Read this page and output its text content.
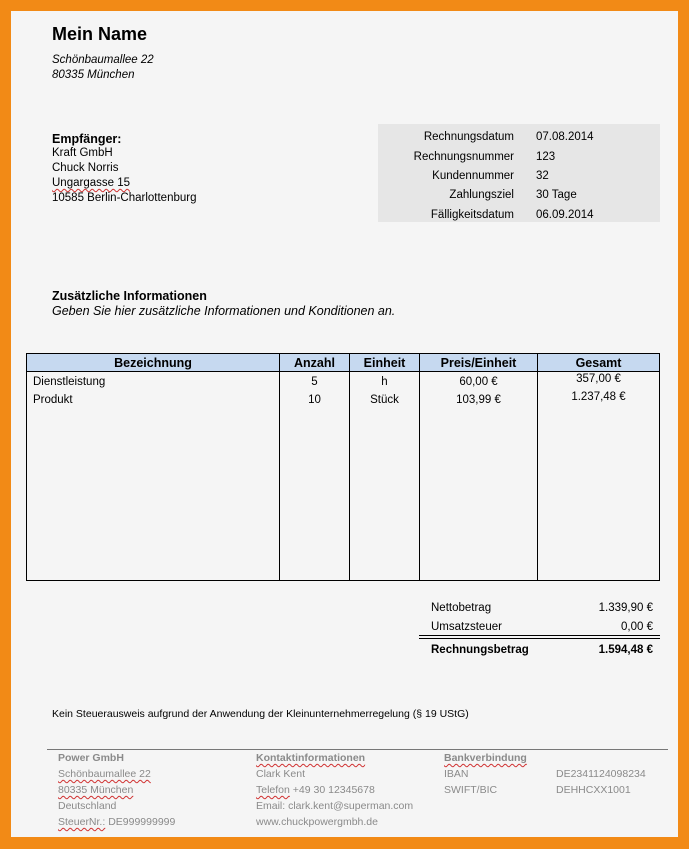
Mein Name
Schönbaumallee 22
80335 München
Empfänger:
Kraft GmbH
Chuck Norris
Ungargasse 15
10585 Berlin-Charlottenburg
Rechnungsdatum 07.08.2014
Rechnungsnummer 123
Kundennummer 32
Zahlungsziel 30 Tage
Fälligkeitsdatum 06.09.2014
Zusätzliche Informationen
Geben Sie hier zusätzliche Informationen und Konditionen an.
Bezeichnung	Anzahl	Einheit	Preis/Einheit	Gesamt
Dienstleistung	5	h	60,00 €	357,00 €
Produkt	10	Stück	103,99 €	1.237,48 €
Nettobetrag	1.339,90 €
Umsatzsteuer	0,00 €
Rechnungsbetrag	1.594,48 €
Kein Steuerausweis aufgrund der Anwendung der Kleinunternehmerregelung (§ 19 UStG)
Power GmbH
Schönbaumallee 22
80335 München
Deutschland
SteuerNr.: DE999999999
Kontaktinformationen
Clark Kent
Telefon +49 30 12345678
Email: clark.kent@superman.com
www.chuckpowergmbh.de
Bankverbindung
IBAN	DE2341124098234
SWIFT/BIC	DEHHCXX1001
